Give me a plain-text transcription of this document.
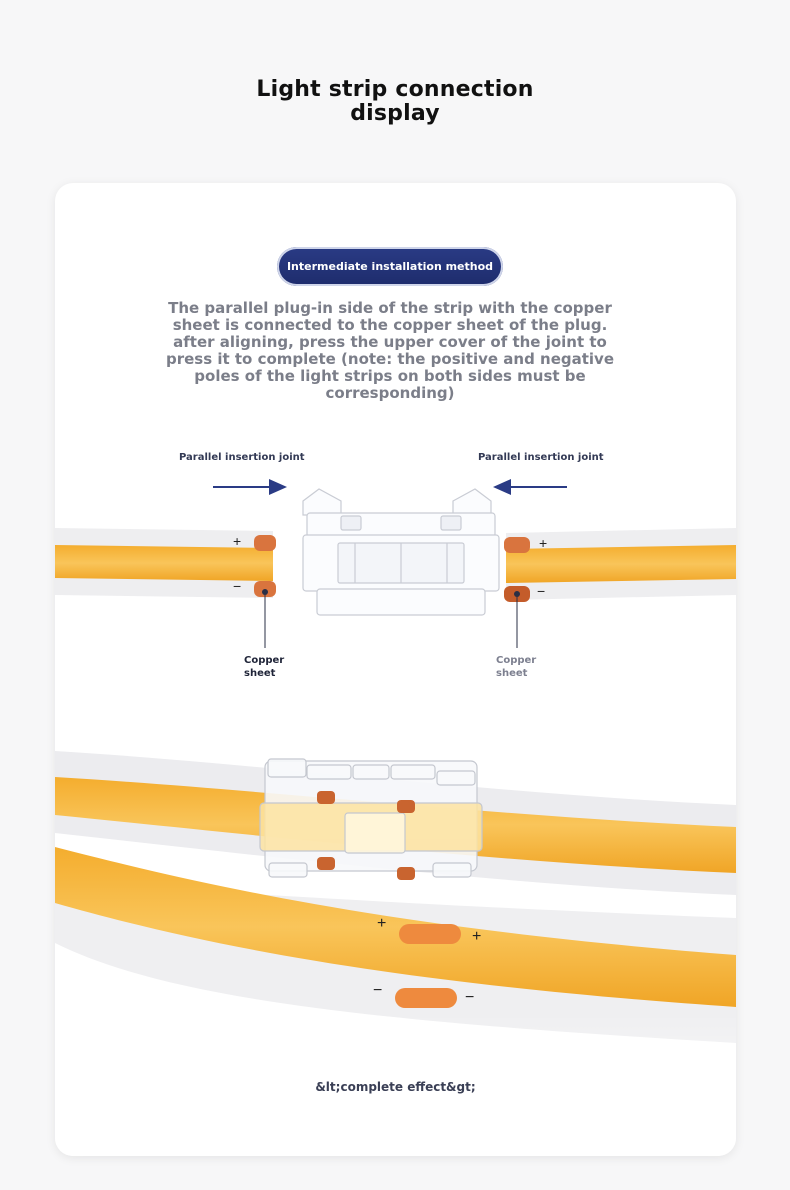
Light strip connection
display
+
−
+
−
+
+
−	−
Intermediate installation method
The parallel plug-in side of the strip with the copper sheet is connected to the copper sheet of the plug. after aligning, press the upper cover of the joint to press it to complete (note: the positive and negative poles of the light strips on both sides must be corresponding)
Parallel insertion joint	Parallel insertion joint
Copper
sheet
Copper
sheet
&lt;complete effect&gt;
